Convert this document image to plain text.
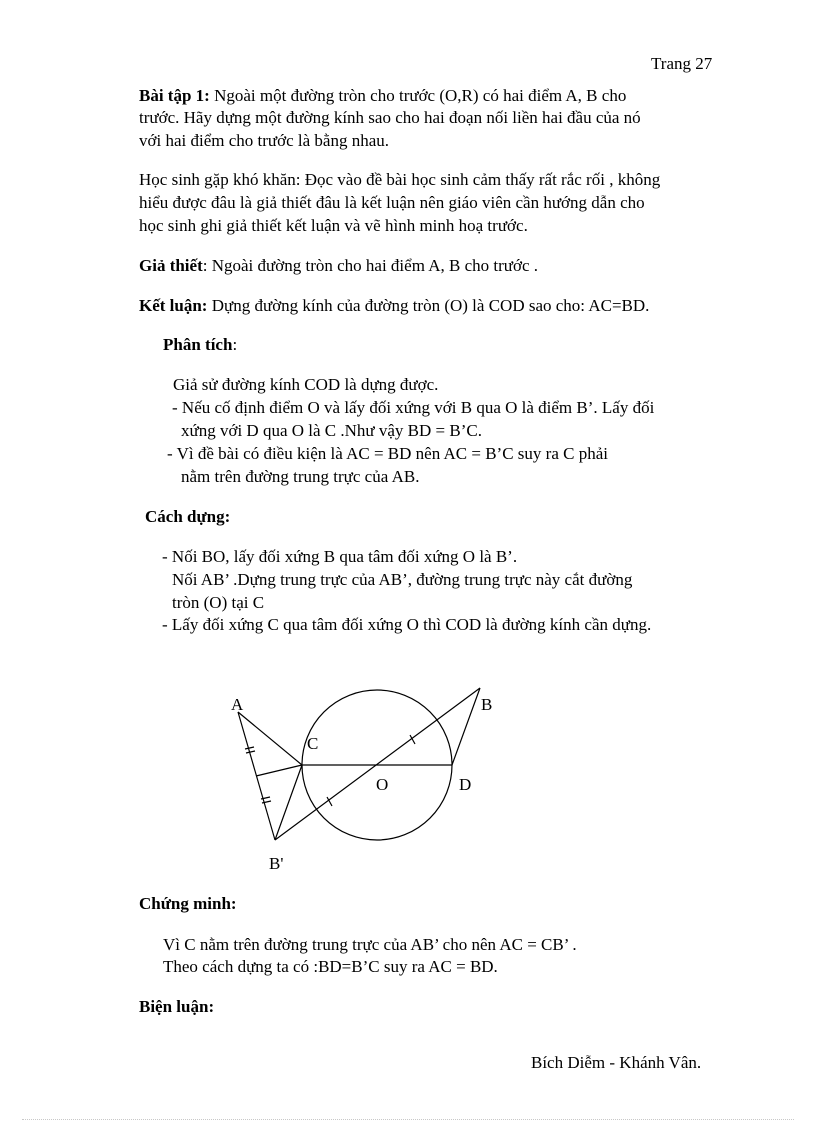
Trang 27
Bài tập 1: Ngoài một đường tròn cho trước (O,R) có hai điểm A, B cho
trước. Hãy dựng một đường kính sao cho hai đoạn nối liền hai đầu của nó
với hai điểm cho trước là bằng nhau.
Học sinh gặp khó khăn: Đọc vào đề bài học sinh cảm thấy rất rắc rối , không
hiểu được đâu là giả thiết đâu là kết luận nên giáo viên cần hướng dẫn cho
học sinh ghi giả thiết kết luận và vẽ hình minh hoạ trước.
Giả thiết: Ngoài đường tròn cho hai điểm A, B cho trước .
Kết luận: Dựng đường kính của đường tròn (O) là COD sao cho: AC=BD.
Phân tích:
Giả sử đường kính COD là dựng được.
- Nếu cố định điểm O và lấy đối xứng với B qua O là điểm B’. Lấy đối
xứng với D qua O là C .Như vậy BD = B’C.
- Vì đề bài có điều kiện là AC = BD nên AC = B’C suy ra C phải
nằm trên đường trung trực của AB.
Cách dựng:
- Nối BO, lấy đối xứng B qua tâm đối xứng O là B’.
Nối AB’ .Dựng trung trực của AB’, đường trung trực này cắt đường
tròn (O) tại C
- Lấy đối xứng C qua tâm đối xứng O thì COD là đường kính cần dựng.
A	B
C
O	D
B'
Chứng minh:
Vì C nằm trên đường trung trực của AB’ cho nên AC = CB’ .
Theo cách dựng ta có :BD=B’C suy ra AC = BD.
Biện luận:
Bích Diễm - Khánh Vân.
